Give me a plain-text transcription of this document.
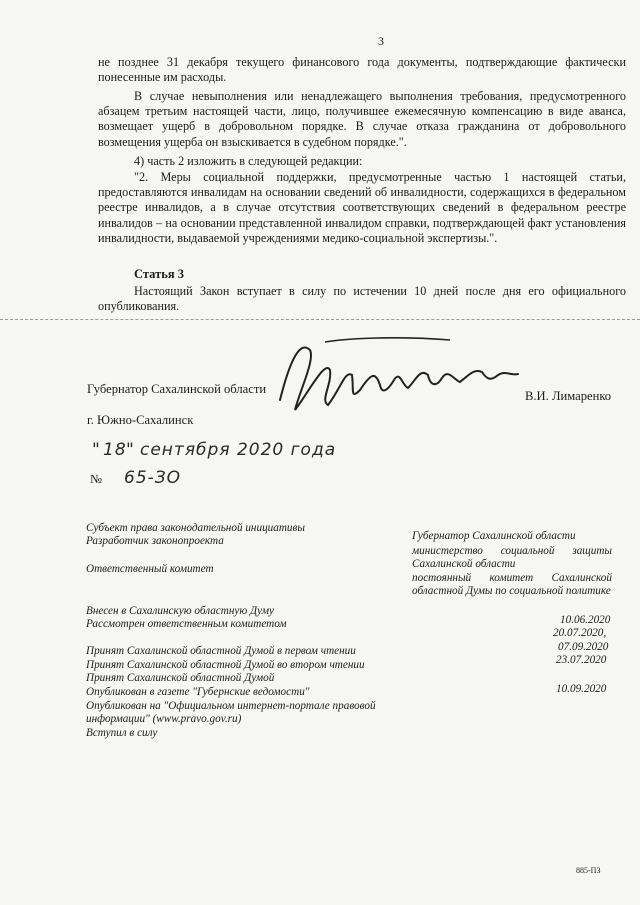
3
не позднее 31 декабря текущего финансового года документы, подтверждающие фактически понесенные им расходы.
В случае невыполнения или ненадлежащего выполнения требования, предусмотренного абзацем третьим настоящей части, лицо, получившее ежемесячную компенсацию в виде аванса, возмещает ущерб в добровольном порядке. В случае отказа гражданина от добровольного возмещения ущерба он взыскивается в судебном порядке.".
4) часть 2 изложить в следующей редакции:
"2. Меры социальной поддержки, предусмотренные частью 1 настоящей статьи, предоставляются инвалидам на основании сведений об инвалидности, содержащихся в федеральном реестре инвалидов, а в случае отсутствия соответствующих сведений в федеральном реестре инвалидов – на основании представленной инвалидом справки, подтверждающей факт установления инвалидности, выдаваемой учреждениями медико-социальной экспертизы.".
Статья 3
Настоящий Закон вступает в силу по истечении 10 дней после дня его официального опубликования.
Губернатор Сахалинской области	В.И. Лимаренко
г. Южно-Сахалинск
" 18 " сентября 2020 года
№ 65-ЗО
Субъект права законодательной инициативы
Разработчик законопроекта
Ответственный комитет
Внесен в Сахалинскую областную Думу
Рассмотрен ответственным комитетом
Принят Сахалинской областной Думой в первом чтении
Принят Сахалинской областной Думой во втором чтении
Принят Сахалинской областной Думой
Опубликован в газете "Губернские ведомости"
Опубликован на "Официальном интернет-портале правовой информации" (www.pravo.gov.ru)
Вступил в силу
Губернатор Сахалинской области
министерство социальной защиты Сахалинской области
постоянный комитет Сахалинской областной Думы по социальной политике
10.06.2020
20.07.2020,
07.09.2020
23.07.2020
10.09.2020
885-ПЗ
